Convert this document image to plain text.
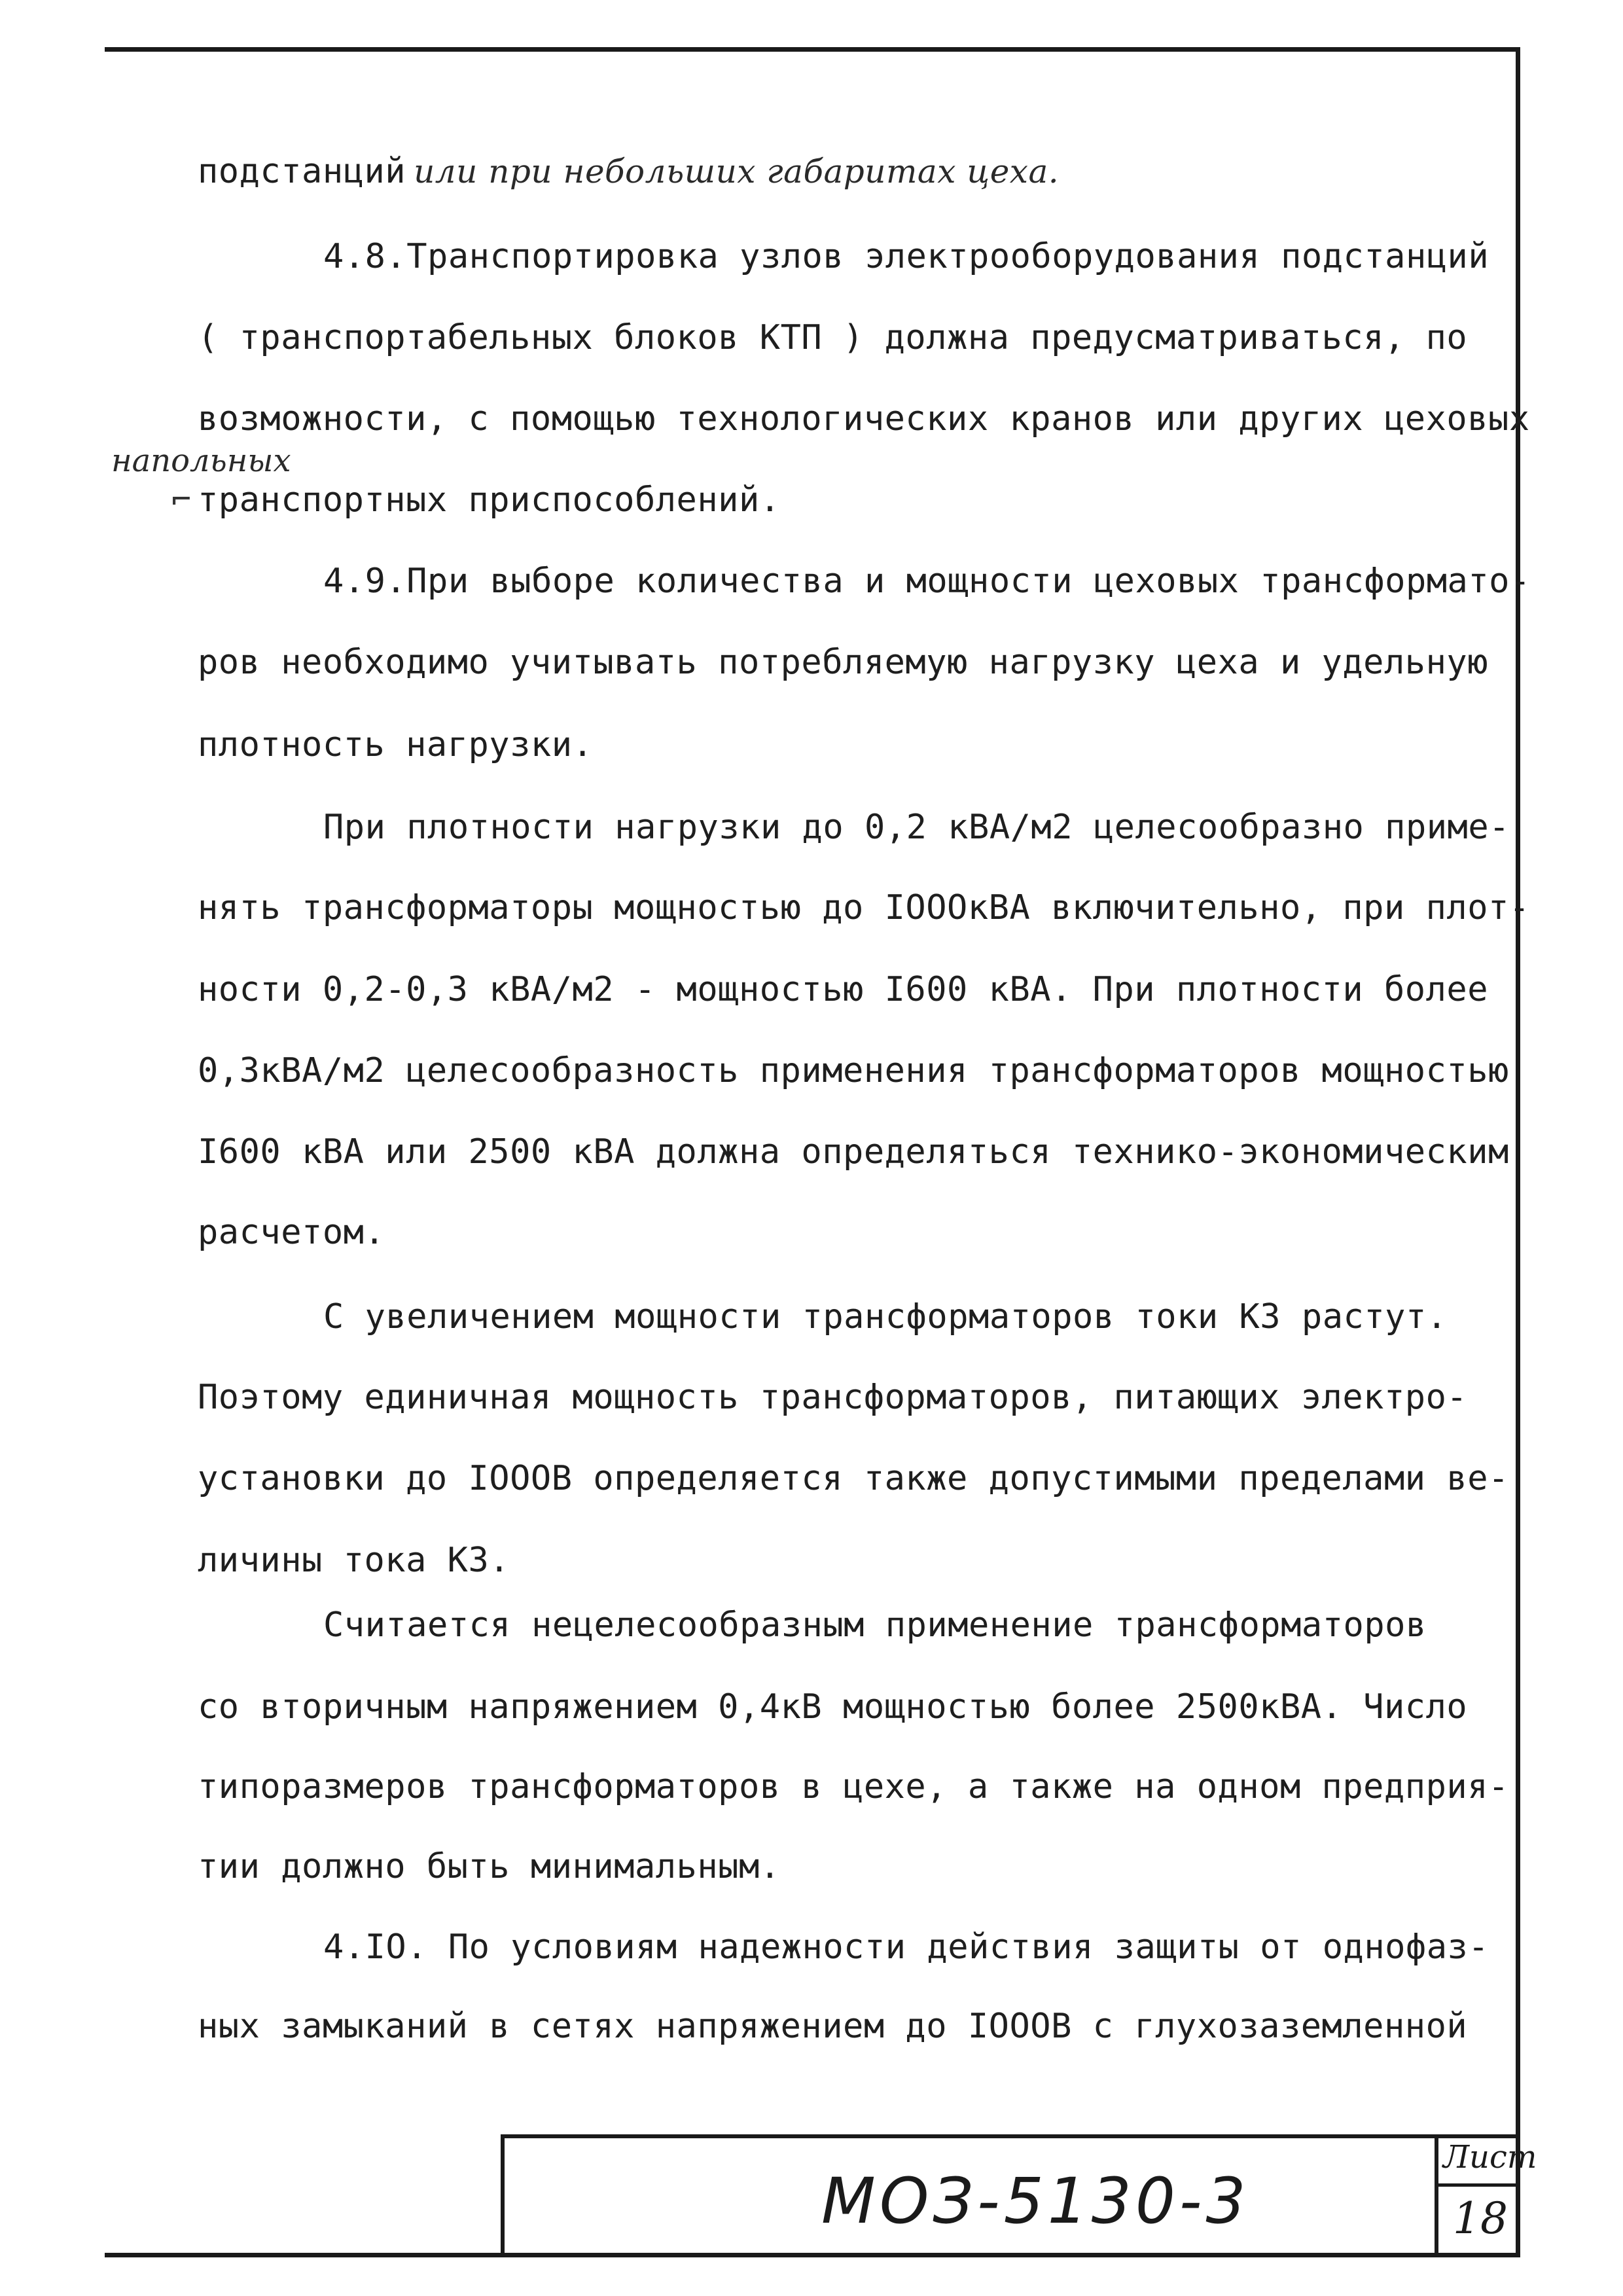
подстанций или при небольших габаритах цеха.
4.8.Транспортировка узлов электрооборудования подстанций
( транспортабельных блоков КТП ) должна предусматриваться, по
возможности, с помощью технологических кранов или других цеховых
напольных
⌐ транспортных приспособлений.
4.9.При выборе количества и мощности цеховых трансформато-
ров необходимо учитывать потребляемую нагрузку цеха и удельную
плотность нагрузки.
При плотности нагрузки до 0,2 кВА/м2 целесообразно приме-
нять трансформаторы мощностью до IOOOкВА включительно, при плот-
ности 0,2-0,3 кВА/м2 - мощностью I600 кВА. При плотности более
0,3кВА/м2 целесообразность применения трансформаторов мощностью
I600 кВА или 2500 кВА должна определяться технико-экономическим
расчетом.
С увеличением мощности трансформаторов токи КЗ растут.
Поэтому единичная мощность трансформаторов, питающих электро-
установки до IOOOВ определяется также допустимыми пределами ве-
личины тока КЗ.
Считается нецелесообразным применение трансформаторов
со вторичным напряжением 0,4кВ мощностью более 2500кВА. Число
типоразмеров трансформаторов в цехе, а также на одном предприя-
тии должно быть минимальным.
4.IO. По условиям надежности действия защиты от однофаз-
ных замыканий в сетях напряжением до IOOOВ с глухозаземленной
МОЗ-5130-3
Лист
18
